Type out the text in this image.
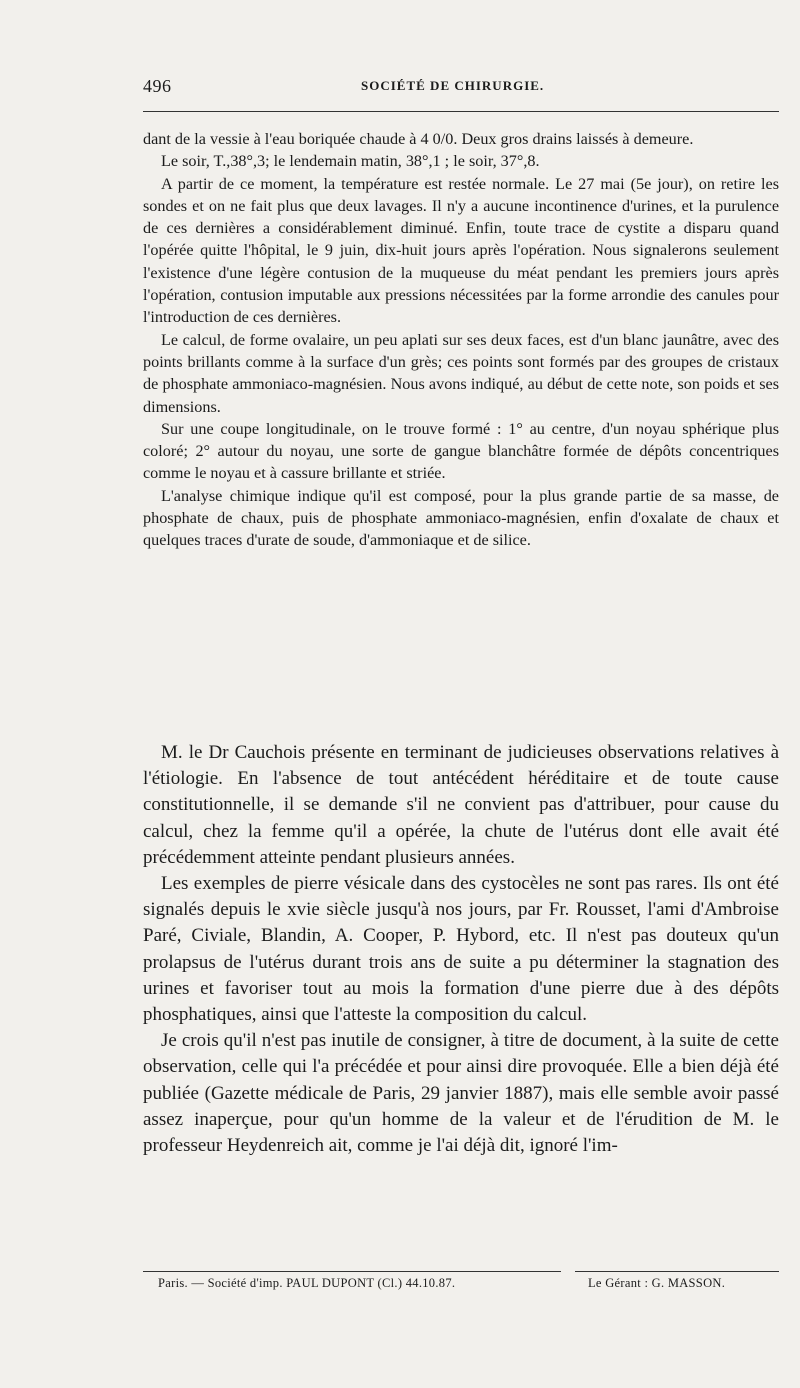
496	SOCIÉTÉ DE CHIRURGIE.

dant de la vessie à l'eau boriquée chaude à 4 0/0. Deux gros drains laissés à demeure.

Le soir, T.,38°,3; le lendemain matin, 38°,1 ; le soir, 37°,8.

A partir de ce moment, la température est restée normale. Le 27 mai (5e jour), on retire les sondes et on ne fait plus que deux lavages. Il n'y a aucune incontinence d'urines, et la purulence de ces dernières a considérablement diminué. Enfin, toute trace de cystite a disparu quand l'opérée quitte l'hôpital, le 9 juin, dix-huit jours après l'opération. Nous signalerons seulement l'existence d'une légère contusion de la muqueuse du méat pendant les premiers jours après l'opération, contusion imputable aux pressions nécessitées par la forme arrondie des canules pour l'introduction de ces dernières.

Le calcul, de forme ovalaire, un peu aplati sur ses deux faces, est d'un blanc jaunâtre, avec des points brillants comme à la surface d'un grès; ces points sont formés par des groupes de cristaux de phosphate ammoniaco-magnésien. Nous avons indiqué, au début de cette note, son poids et ses dimensions.

Sur une coupe longitudinale, on le trouve formé : 1° au centre, d'un noyau sphérique plus coloré; 2° autour du noyau, une sorte de gangue blanchâtre formée de dépôts concentriques comme le noyau et à cassure brillante et striée.

L'analyse chimique indique qu'il est composé, pour la plus grande partie de sa masse, de phosphate de chaux, puis de phosphate ammoniaco-magnésien, enfin d'oxalate de chaux et quelques traces d'urate de soude, d'ammoniaque et de silice.

M. le Dr Cauchois présente en terminant de judicieuses observations relatives à l'étiologie. En l'absence de tout antécédent héréditaire et de toute cause constitutionnelle, il se demande s'il ne convient pas d'attribuer, pour cause du calcul, chez la femme qu'il a opérée, la chute de l'utérus dont elle avait été précédemment atteinte pendant plusieurs années.

Les exemples de pierre vésicale dans des cystocèles ne sont pas rares. Ils ont été signalés depuis le xvie siècle jusqu'à nos jours, par Fr. Rousset, l'ami d'Ambroise Paré, Civiale, Blandin, A. Cooper, P. Hybord, etc. Il n'est pas douteux qu'un prolapsus de l'utérus durant trois ans de suite a pu déterminer la stagnation des urines et favoriser tout au mois la formation d'une pierre due à des dépôts phosphatiques, ainsi que l'atteste la composition du calcul.

Je crois qu'il n'est pas inutile de consigner, à titre de document, à la suite de cette observation, celle qui l'a précédée et pour ainsi dire provoquée. Elle a bien déjà été publiée (Gazette médicale de Paris, 29 janvier 1887), mais elle semble avoir passé assez inaperçue, pour qu'un homme de la valeur et de l'érudition de M. le professeur Heydenreich ait, comme je l'ai déjà dit, ignoré l'im-

Paris. — Société d'imp. PAUL DUPONT (Cl.) 44.10.87.	Le Gérant : G. MASSON.
